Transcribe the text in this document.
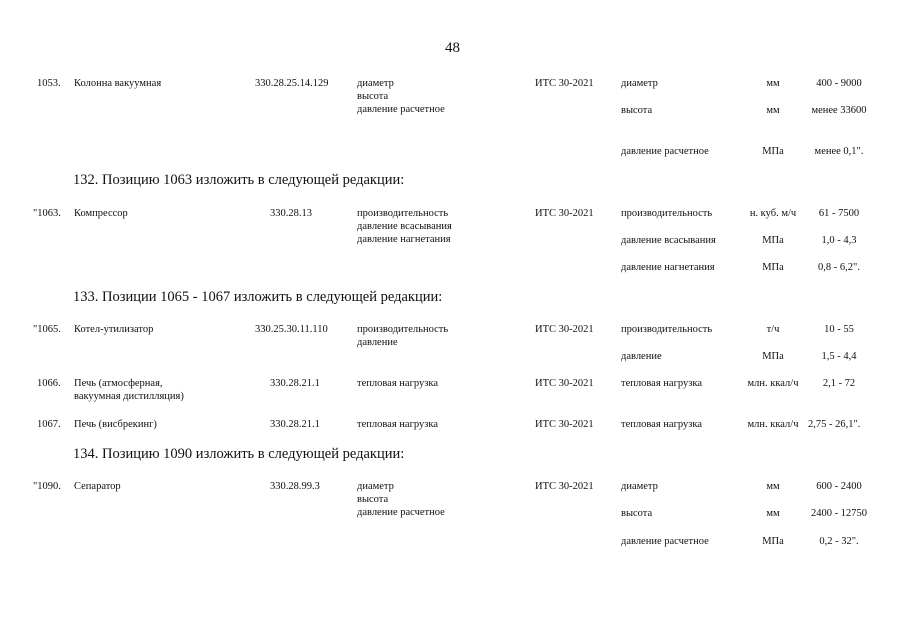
48
1053.	Колонна вакуумная	330.28.25.14.129	диаметр
высота
давление расчетное
ИТС 30-2021	диаметр	мм	400 - 9000
высота	мм	менее 33600
давление расчетное	МПа	менее 0,1".
132. Позицию 1063 изложить в следующей редакции:
"1063.	Компрессор	330.28.13	производительность
давление всасывания
давление нагнетания
ИТС 30-2021	производительность	н. куб. м/ч	61 - 7500
давление всасывания	МПа	1,0 - 4,3
давление нагнетания	МПа	0,8 - 6,2".
133. Позиции 1065 - 1067 изложить в следующей редакции:
"1065.	Котел-утилизатор	330.25.30.11.110	производительность
давление
ИТС 30-2021	производительность	т/ч	10 - 55
давление	МПа	1,5 - 4,4
1066.	Печь (атмосферная,
вакуумная дистилляция)
330.28.21.1	тепловая нагрузка	ИТС 30-2021	тепловая нагрузка	млн. ккал/ч	2,1 - 72
1067.	Печь (висбрекинг)	330.28.21.1	тепловая нагрузка	ИТС 30-2021	тепловая нагрузка	млн. ккал/ч 2,75 - 26,1".
134. Позицию 1090 изложить в следующей редакции:
"1090.	Сепаратор	330.28.99.3	диаметр
высота
давление расчетное
ИТС 30-2021	диаметр	мм	600 - 2400
высота	мм	2400 - 12750
давление расчетное	МПа	0,2 - 32".
